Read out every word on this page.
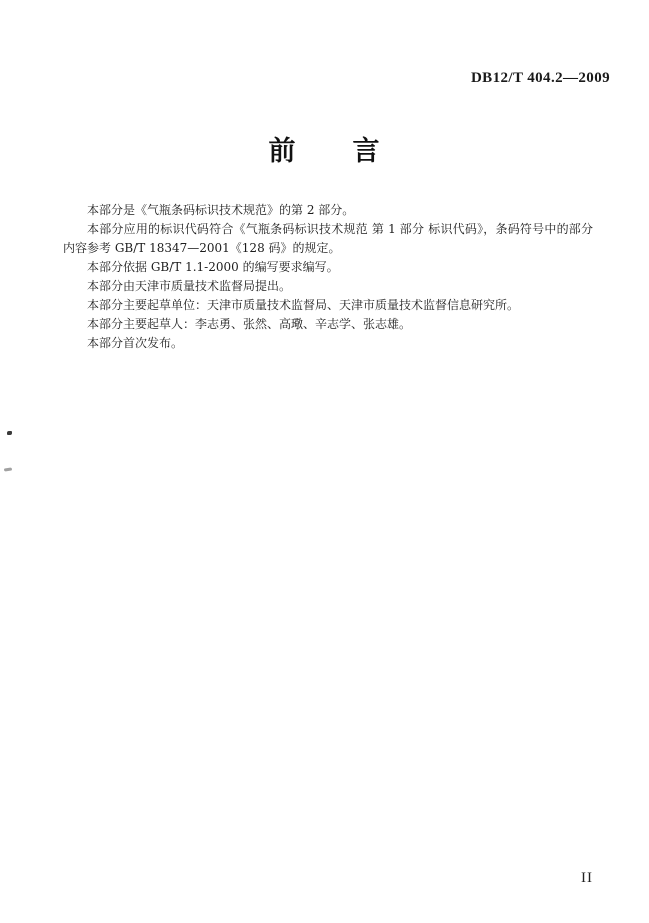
DB12/T 404.2—2009
前　　言

本部分是《气瓶条码标识技术规范》的第 2 部分。

本部分应用的标识代码符合《气瓶条码标识技术规范 第 1 部分 标识代码》，条码符号中的部分内容参考 GB/T 18347—2001《128 码》的规定。

本部分依据 GB/T 1.1-2000 的编写要求编写。

本部分由天津市质量技术监督局提出。

本部分主要起草单位：天津市质量技术监督局、天津市质量技术监督信息研究所。

本部分主要起草人：李志勇、张然、高璥、辛志学、张志雄。

本部分首次发布。

II
